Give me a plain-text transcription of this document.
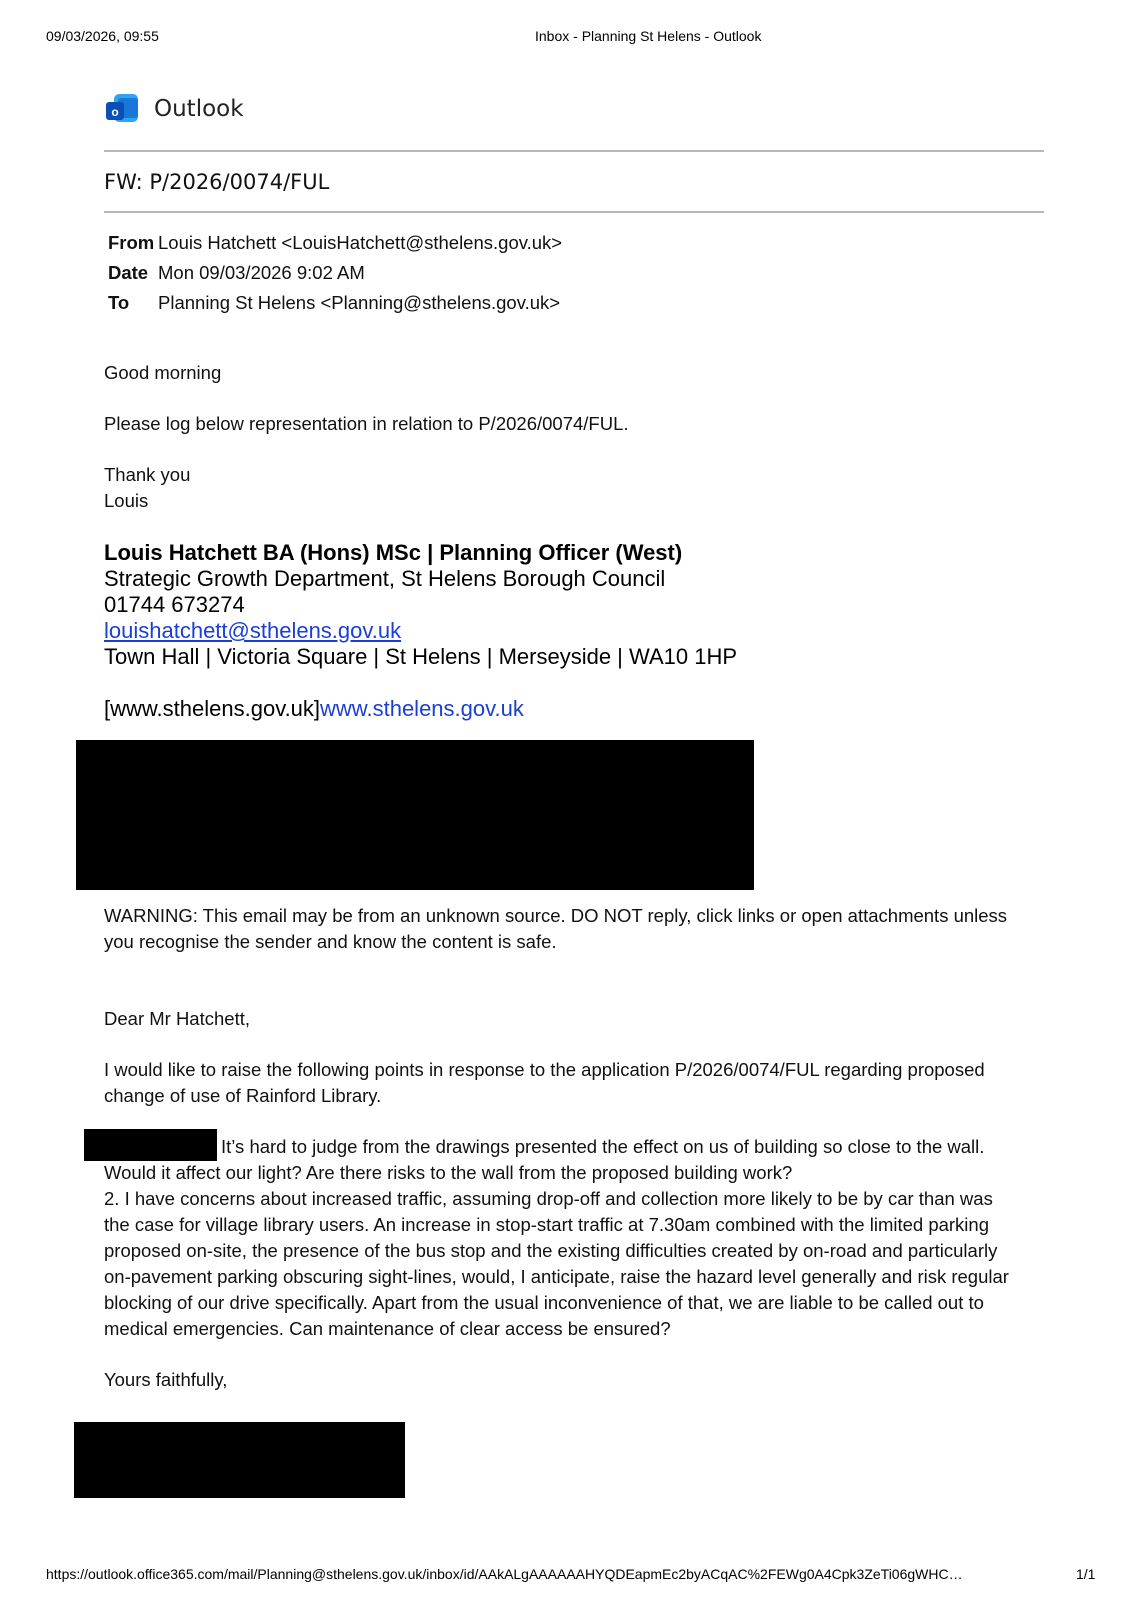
09/03/2026, 09:55	Inbox - Planning St Helens - Outlook
o Outlook
FW: P/2026/0074/FUL
From Louis Hatchett <LouisHatchett@sthelens.gov.uk>
Date Mon 09/03/2026 9:02 AM
To Planning St Helens <Planning@sthelens.gov.uk>
Good morning
Please log below representation in relation to P/2026/0074/FUL.
Thank you
Louis
Louis Hatchett BA (Hons) MSc | Planning Officer (West)
Strategic Growth Department, St Helens Borough Council
01744 673274
louishatchett@sthelens.gov.uk
Town Hall | Victoria Square | St Helens | Merseyside | WA10 1HP
[www.sthelens.gov.uk]www.sthelens.gov.uk
WARNING: This email may be from an unknown source. DO NOT reply, click links or open attachments unless
you recognise the sender and know the content is safe.
Dear Mr Hatchett,
I would like to raise the following points in response to the application P/2026/0074/FUL regarding proposed
change of use of Rainford Library.
It’s hard to judge from the drawings presented the effect on us of building so close to the wall.
Would it affect our light? Are there risks to the wall from the proposed building work?
2. I have concerns about increased traffic, assuming drop-off and collection more likely to be by car than was
the case for village library users. An increase in stop-start traffic at 7.30am combined with the limited parking
proposed on-site, the presence of the bus stop and the existing difficulties created by on-road and particularly
on-pavement parking obscuring sight-lines, would, I anticipate, raise the hazard level generally and risk regular
blocking of our drive specifically. Apart from the usual inconvenience of that, we are liable to be called out to
medical emergencies. Can maintenance of clear access be ensured?
Yours faithfully,
https://outlook.office365.com/mail/Planning@sthelens.gov.uk/inbox/id/AAkALgAAAAAAHYQDEapmEc2byACqAC%2FEWg0A4Cpk3ZeTi06gWHC…	1/1
